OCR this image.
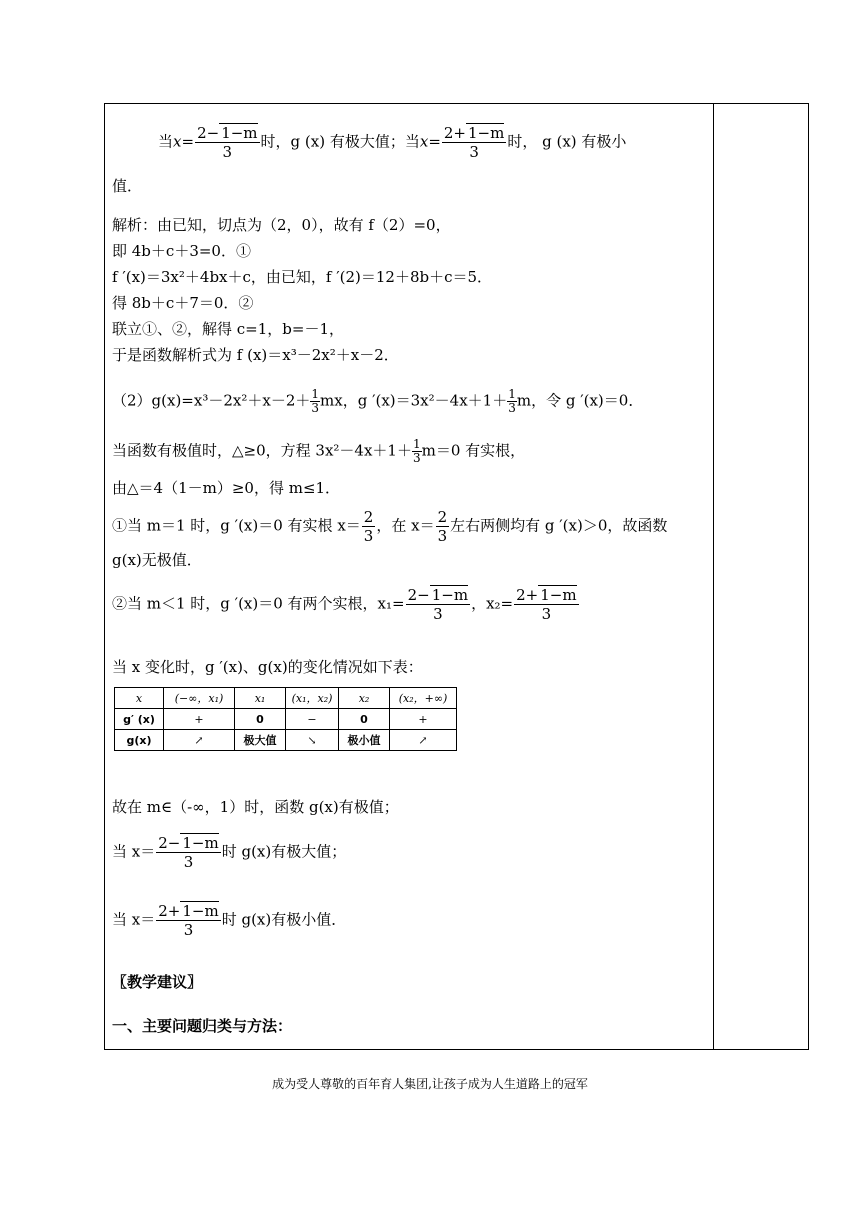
当$x= \frac{2- 1-m}{3}$ 时，g (x) 有极大值；当$x= \frac{2+ 1-m}{3}$ 时， g (x) 有极小
值．
解析：由已知，切点为（2，0），故有 f（2）=0，
即 4b＋c＋3=0．①
f ′(x)＝3x²＋4bx＋c，由已知，f ′(2)＝12＋8b＋c＝5．
得 8b＋c＋7＝0．②
联立①、②，解得 c=1，b=－1，
于是函数解析式为 f (x)＝x³－2x²＋x－2．
$(2)g(x)=x^3-2x^2+x-2+ \frac{1}{3}$ mx，g $'(x)=3x^2-4x+1+ \frac{1}{3}$ m，令 g ′(x)＝0．
当函数有极值时，△≥0，方程 $3x^2-4x+1+ \frac{1}{3} m=0$ 有实根，
由△＝4（1－m）≥0，得 m≤1．
①当 m＝1 时，g ′(x)＝0 有实根 $x= \frac{2}{3}$ ，在 $x= \frac{2}{3}$ 左右两侧均有 g ′(x)＞0，故函数
g(x)无极值．
②当 m＜1 时，g ′(x)＝0 有两个实根，$x_1= \frac{2- 1-m}{3}$ ，$x_2= \frac{2+ 1-m}{3}$
当 x 变化时，g ′(x)、g(x)的变化情况如下表：
x	(−∞，x₁)	x₁	(x₁，x₂)	x₂	(x₂，+∞)
g′ (x)	+	0	−	0	+
g(x)	↗	极大值	↘	极小值	↗
故在 m∈（-∞，1）时，函数 g(x)有极值；
当 $x= \frac{2- 1-m}{3}$ 时 g(x)有极大值；
当 $x= \frac{2+ 1-m}{3}$ 时 g(x)有极小值．
〖教学建议〗
一、主要问题归类与方法：
成为受人尊敬的百年育人集团,让孩子成为人生道路上的冠军
